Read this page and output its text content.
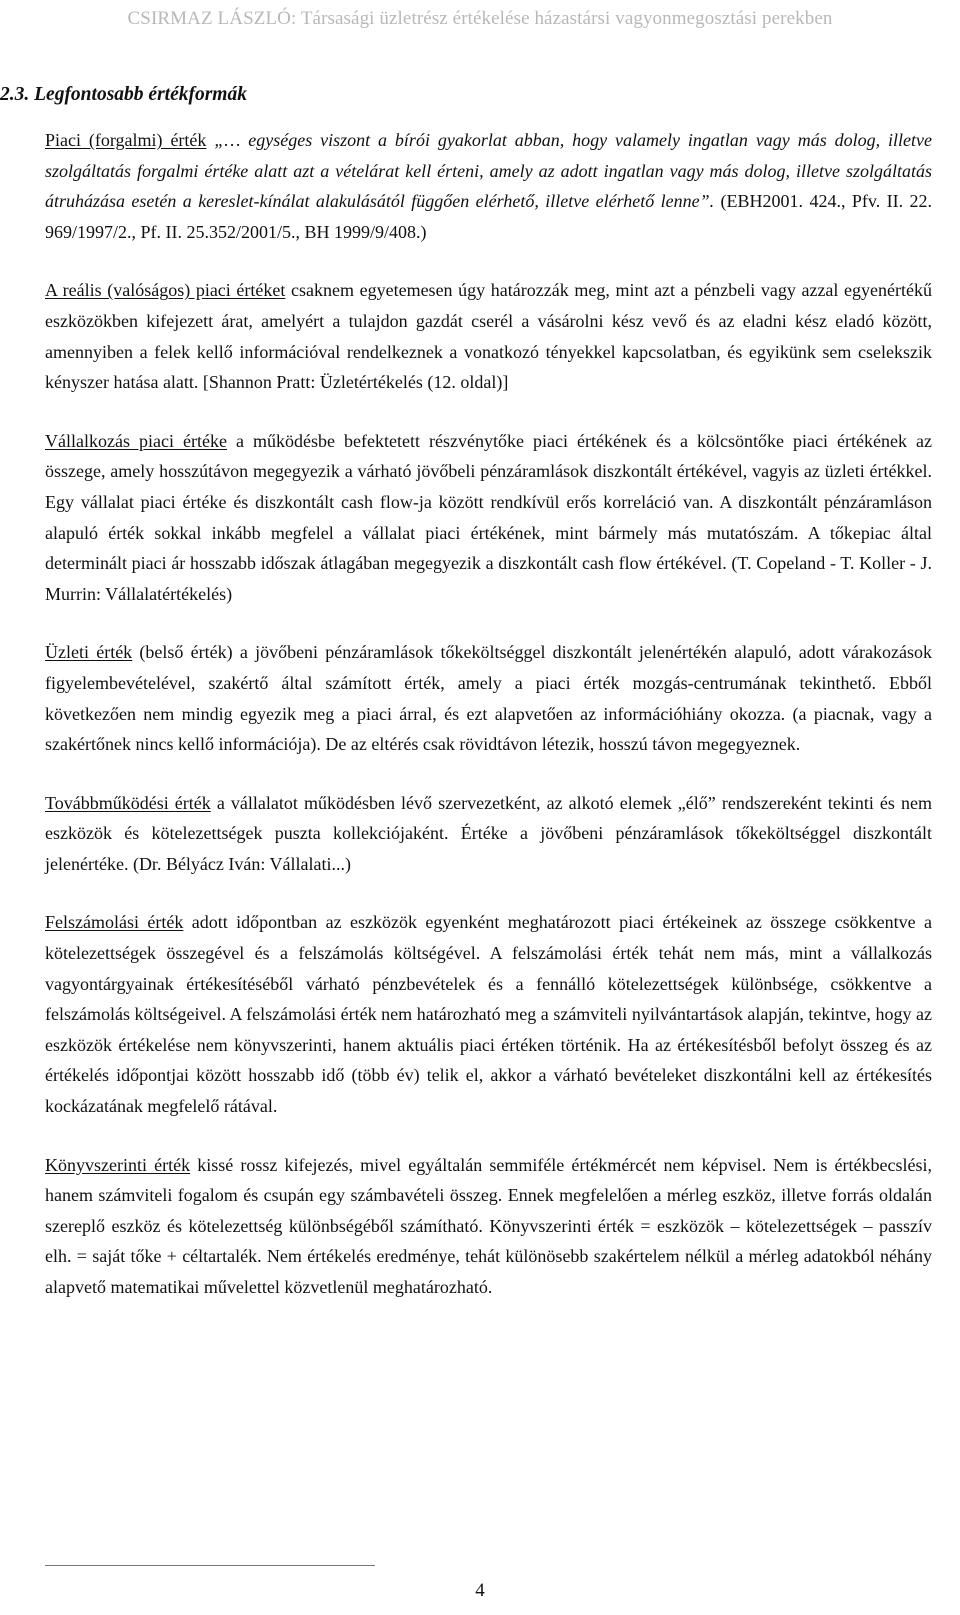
CSIRMAZ LÁSZLÓ: Társasági üzletrész értékelése házastársi vagyonmegosztási perekben
2.3. Legfontosabb értékformák

Piaci (forgalmi) érték „… egységes viszont a bírói gyakorlat abban, hogy valamely ingatlan vagy más dolog, illetve szolgáltatás forgalmi értéke alatt azt a vételárat kell érteni, amely az adott ingatlan vagy más dolog, illetve szolgáltatás átruházása esetén a kereslet-kínálat alakulásától függően elérhető, illetve elérhető lenne”. (EBH2001. 424., Pfv. II. 22. 969/1997/2., Pf. II. 25.352/2001/5., BH 1999/9/408.)

A reális (valóságos) piaci értéket csaknem egyetemesen úgy határozzák meg, mint azt a pénzbeli vagy azzal egyenértékű eszközökben kifejezett árat, amelyért a tulajdon gazdát cserél a vásárolni kész vevő és az eladni kész eladó között, amennyiben a felek kellő információval rendelkeznek a vonatkozó tényekkel kapcsolatban, és egyikünk sem cselekszik kényszer hatása alatt. [Shannon Pratt: Üzletértékelés (12. oldal)]

Vállalkozás piaci értéke a működésbe befektetett részvénytőke piaci értékének és a kölcsöntőke piaci értékének az összege, amely hosszútávon megegyezik a várható jövőbeli pénzáramlások diszkontált értékével, vagyis az üzleti értékkel. Egy vállalat piaci értéke és diszkontált cash flow-ja között rendkívül erős korreláció van. A diszkontált pénzáramláson alapuló érték sokkal inkább megfelel a vállalat piaci értékének, mint bármely más mutatószám. A tőkepiac által determinált piaci ár hosszabb időszak átlagában megegyezik a diszkontált cash flow értékével. (T. Copeland - T. Koller - J. Murrin: Vállalatértékelés)

Üzleti érték (belső érték) a jövőbeni pénzáramlások tőkeköltséggel diszkontált jelenértékén alapuló, adott várakozások figyelembevételével, szakértő által számított érték, amely a piaci érték mozgás-centrumának tekinthető. Ebből következően nem mindig egyezik meg a piaci árral, és ezt alapvetően az információhiány okozza. (a piacnak, vagy a szakértőnek nincs kellő információja). De az eltérés csak rövidtávon létezik, hosszú távon megegyeznek.

Továbbműködési érték a vállalatot működésben lévő szervezetként, az alkotó elemek „élő” rendszereként tekinti és nem eszközök és kötelezettségek puszta kollekciójaként. Értéke a jövőbeni pénzáramlások tőkeköltséggel diszkontált jelenértéke. (Dr. Bélyácz Iván: Vállalati...)

Felszámolási érték adott időpontban az eszközök egyenként meghatározott piaci értékeinek az összege csökkentve a kötelezettségek összegével és a felszámolás költségével. A felszámolási érték tehát nem más, mint a vállalkozás vagyontárgyainak értékesítéséből várható pénzbevételek és a fennálló kötelezettségek különbsége, csökkentve a felszámolás költségeivel. A felszámolási érték nem határozható meg a számviteli nyilvántartások alapján, tekintve, hogy az eszközök értékelése nem könyvszerinti, hanem aktuális piaci értéken történik. Ha az értékesítésből befolyt összeg és az értékelés időpontjai között hosszabb idő (több év) telik el, akkor a várható bevételeket diszkontálni kell az értékesítés kockázatának megfelelő rátával.

Könyvszerinti érték kissé rossz kifejezés, mivel egyáltalán semmiféle értékmércét nem képvisel. Nem is értékbecslési, hanem számviteli fogalom és csupán egy számbavételi összeg. Ennek megfelelően a mérleg eszköz, illetve forrás oldalán szereplő eszköz és kötelezettség különbségéből számítható. Könyvszerinti érték = eszközök – kötelezettségek – passzív elh. = saját tőke + céltartalék. Nem értékelés eredménye, tehát különösebb szakértelem nélkül a mérleg adatokból néhány alapvető matematikai művelettel közvetlenül meghatározható.

4
